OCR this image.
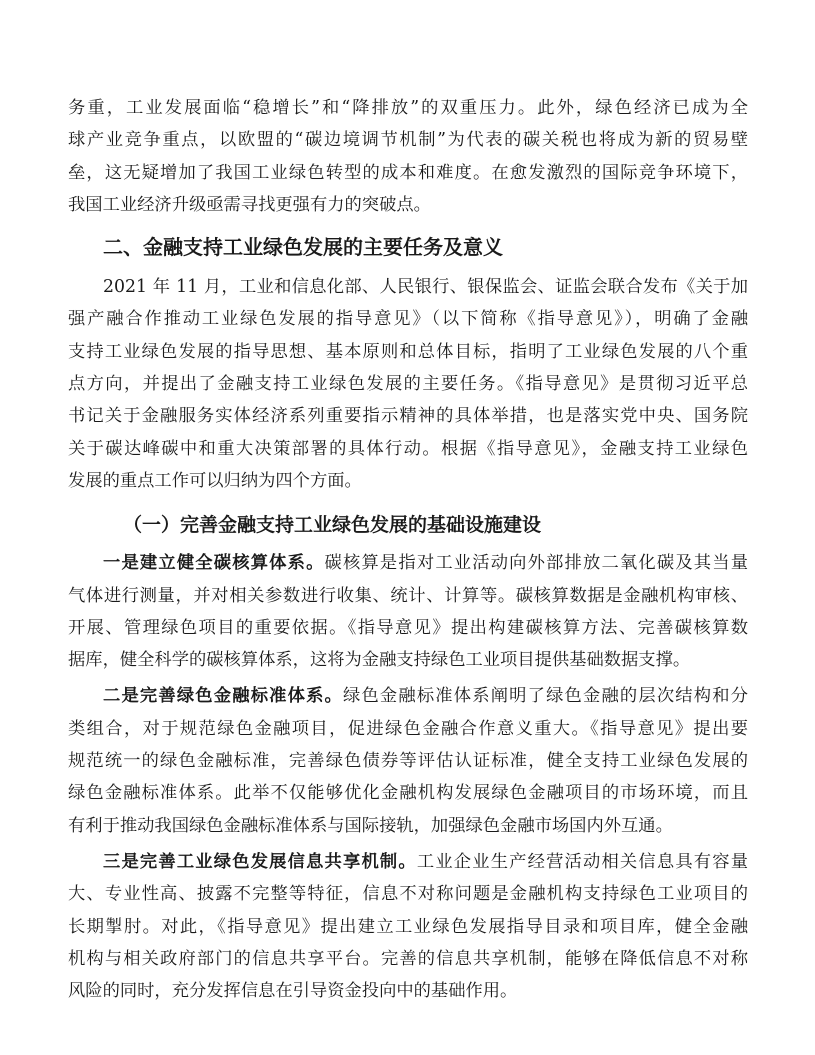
务重，工业发展面临“稳增长”和“降排放”的双重压力。此外，绿色经济已成为全
球产业竞争重点，以欧盟的“碳边境调节机制”为代表的碳关税也将成为新的贸易壁
垒，这无疑增加了我国工业绿色转型的成本和难度。在愈发激烈的国际竞争环境下，
我国工业经济升级亟需寻找更强有力的突破点。
二、金融支持工业绿色发展的主要任务及意义
2021 年 11 月，工业和信息化部、人民银行、银保监会、证监会联合发布《关于加
强产融合作推动工业绿色发展的指导意见》（以下简称《指导意见》），明确了金融
支持工业绿色发展的指导思想、基本原则和总体目标，指明了工业绿色发展的八个重
点方向，并提出了金融支持工业绿色发展的主要任务。《指导意见》是贯彻习近平总
书记关于金融服务实体经济系列重要指示精神的具体举措，也是落实党中央、国务院
关于碳达峰碳中和重大决策部署的具体行动。根据《指导意见》，金融支持工业绿色
发展的重点工作可以归纳为四个方面。
（一）完善金融支持工业绿色发展的基础设施建设
一是建立健全碳核算体系。碳核算是指对工业活动向外部排放二氧化碳及其当量
气体进行测量，并对相关参数进行收集、统计、计算等。碳核算数据是金融机构审核、
开展、管理绿色项目的重要依据。《指导意见》提出构建碳核算方法、完善碳核算数
据库，健全科学的碳核算体系，这将为金融支持绿色工业项目提供基础数据支撑。
二是完善绿色金融标准体系。绿色金融标准体系阐明了绿色金融的层次结构和分
类组合，对于规范绿色金融项目，促进绿色金融合作意义重大。《指导意见》提出要
规范统一的绿色金融标准，完善绿色债券等评估认证标准，健全支持工业绿色发展的
绿色金融标准体系。此举不仅能够优化金融机构发展绿色金融项目的市场环境，而且
有利于推动我国绿色金融标准体系与国际接轨，加强绿色金融市场国内外互通。
三是完善工业绿色发展信息共享机制。工业企业生产经营活动相关信息具有容量
大、专业性高、披露不完整等特征，信息不对称问题是金融机构支持绿色工业项目的
长期掣肘。对此，《指导意见》提出建立工业绿色发展指导目录和项目库，健全金融
机构与相关政府部门的信息共享平台。完善的信息共享机制，能够在降低信息不对称
风险的同时，充分发挥信息在引导资金投向中的基础作用。
